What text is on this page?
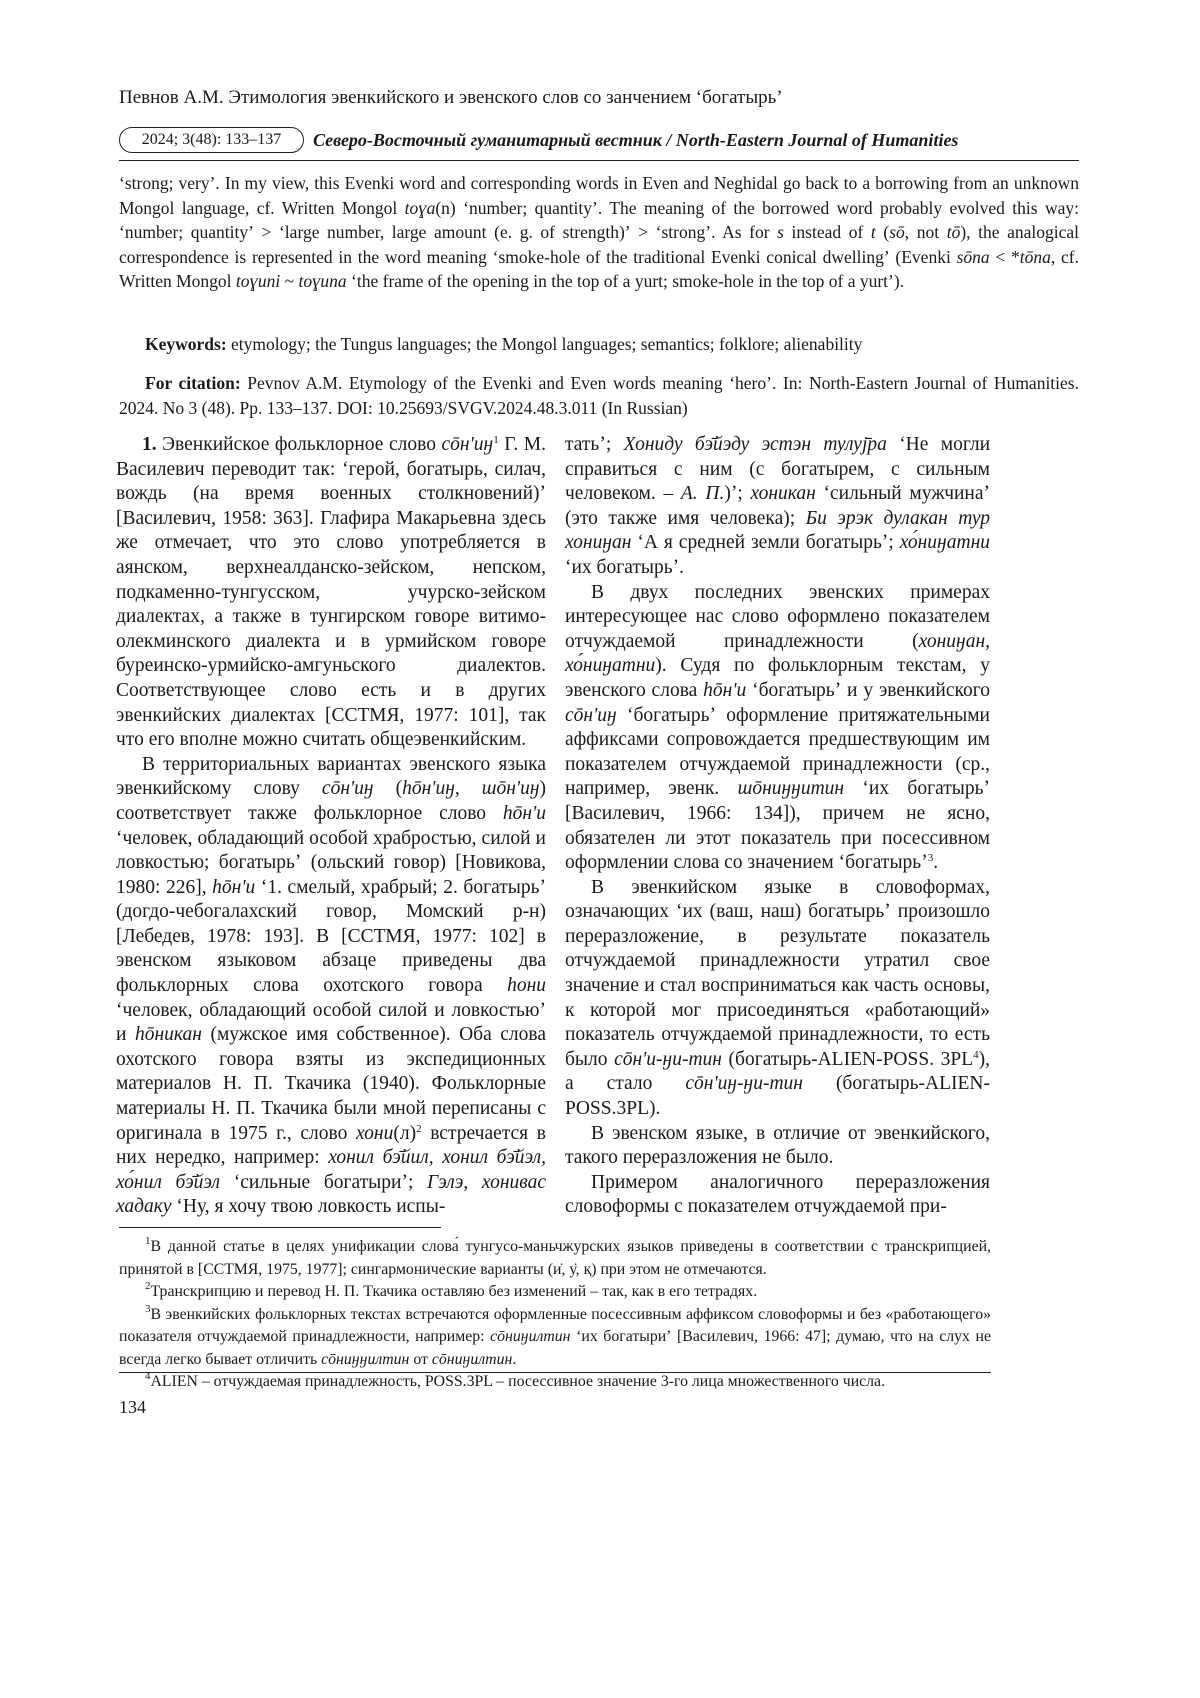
Певнов А.М. Этимология эвенкийского и эвенского слов со занчением ʻбогатырьʼ
2024; 3(48): 133–137	Северо-Восточный гуманитарный вестник / North-Eastern Journal of Humanities

ʻstrong; veryʼ. In my view, this Evenki word and corresponding words in Even and Neghidal go back to a borrowing from an unknown Mongol language, cf. Written Mongol toɣa(n) ʻnumber; quantityʼ. The meaning of the borrowed word probably evolved this way: ʻnumber; quantityʼ > ʻlarge number, large amount (e. g. of strength)ʼ > ʻstrongʼ. As for s instead of t (sō, not tō), the analogical correspondence is represented in the word meaning ʻsmoke-hole of the traditional Evenki conical dwellingʼ (Evenki sōna < *tōna, cf. Written Mongol toɣuni ~ toɣuna ʻthe frame of the opening in the top of a yurt; smoke-hole in the top of a yurtʼ).

Keywords: etymology; the Tungus languages; the Mongol languages; semantics; folklore; alienability
For citation: Pevnov A.M. Etymology of the Evenki and Even words meaning ʻheroʼ. In: North-Eastern Journal of Humanities. 2024. No 3 (48). Pp. 133–137. DOI: 10.25693/SVGV.2024.48.3.011 (In Russian)

1. Эвенкийское фольклорное слово $сōн'иӈ^1$ Г. М. Василевич переводит так: ʻгерой, богатырь, силач, вождь (на время военных столкновений)ʼ [Василевич, 1958: 363]. Глафира Макарьевна здесь же отмечает, что это слово употребляется в аянском, верхнеалданско-зейском, непском, подкаменно-тунгусском, учурско-зейском диалектах, а также в тунгирском говоре витимо-олекминского диалекта и в урмийском говоре буреинско-урмийско-амгуньского диалектов. Соответствующее слово есть и в других эвенкийских диалектах [ССТМЯ, 1977: 101], так что его вполне можно считать общеэвенкийским.

В территориальных вариантах эвенского языка эвенкийскому слову сōн'иӈ (һōн'иӈ, шōн'иӈ) соответствует также фольклорное слово һōн'и ʻчеловек, обладающий особой храбростью, силой и ловкостью; богатырьʼ (ольский говор) [Новикова, 1980: 226], һōн'и ʻ1. смелый, храбрый; 2. богатырьʼ (догдо-чебогалахский говор, Момский р-н) [Лебедев, 1978: 193]. В [ССТМЯ, 1977: 102] в эвенском языковом абзаце приведены два фольклорных слова охотского говора һони ʻчеловек, обладающий особой силой и ловкостьюʼ и һōникан (мужское имя собственное). Оба слова охотского говора взяты из экспедиционных материалов Н. П. Ткачика (1940). Фольклорные материалы Н. П. Ткачика были мной переписаны с оригинала в 1975 г., слово $хони(л)^2$ встречается в них нередко, например: хонил бэ̄йил, хонил бэ̄йэл, хо́нил бэ̄йэл ʻсильные богатыриʼ; Гэлэ, хонивас хадаку ʻНу, я хочу твою ловкость испы-

татьʼ; Хониду бэ̄йэду эстэн тулуј̄ра ʻНе могли справиться с ним (с богатырем, с сильным человеком. – А. П.)ʼ; хоникан ʻсильный мужчинаʼ (это также имя человека); Би эрэк дулакан тур хониӈан ʻА я средней земли богатырьʼ; хо́ниӈатни ʻих богатырьʼ.

В двух последних эвенских примерах интересующее нас слово оформлено показателем отчуждаемой принадлежности (хониӈан, хо́ниӈатни). Судя по фольклорным текстам, у эвенского слова һōн'и ʻбогатырьʼ и у эвенкийского сōн'иӈ ʻбогатырьʼ оформление притяжательными аффиксами сопровождается предшествующим им показателем отчуждаемой принадлежности (ср., например, эвенк. шōниӈӈитин ʻих богатырьʼ [Василевич, 1966: 134]), причем не ясно, обязателен ли этот показатель при посессивном оформлении слова со значением ʻбогатырьʼ$^3$.

В эвенкийском языке в словоформах, означающих ʻих (ваш, наш) богатырьʼ произошло переразложение, в результате показатель отчуждаемой принадлежности утратил свое значение и стал восприниматься как часть основы, к которой мог присоединяться «работающий» показатель отчуждаемой принадлежности, то есть было сōн'и-ӈи-тин (богатырь-ALIEN-POSS. $3PL^4$), а стало сōн'иӈ-ӈи-тин (богатырь-ALIEN-POSS.3PL).

В эвенском языке, в отличие от эвенкийского, такого переразложения не было.

Примером аналогичного переразложения словоформы с показателем отчуждаемой при-

$^1$В данной статье в целях унификации слова́ тунгусо-маньчжурских языков приведены в соответствии с транскрипцией, принятой в [ССТМЯ, 1975, 1977]; сингармонические варианты (и̇, у̇, қ) при этом не отмечаются.

$^2$Транскрипцию и перевод Н. П. Ткачика оставляю без изменений – так, как в его тетрадях.

$^3$В эвенкийских фольклорных текстах встречаются оформленные посессивным аффиксом словоформы и без «работающего» показателя отчуждаемой принадлежности, например: сōниӈилтин ʻих богатыриʼ [Василевич, 1966: 47]; думаю, что на слух не всегда легко бывает отличить сōниӈӈилтин от сōниӈилтин.

$^4$ALIEN – отчуждаемая принадлежность, POSS.3PL – посессивное значение 3-го лица множественного числа.

134
